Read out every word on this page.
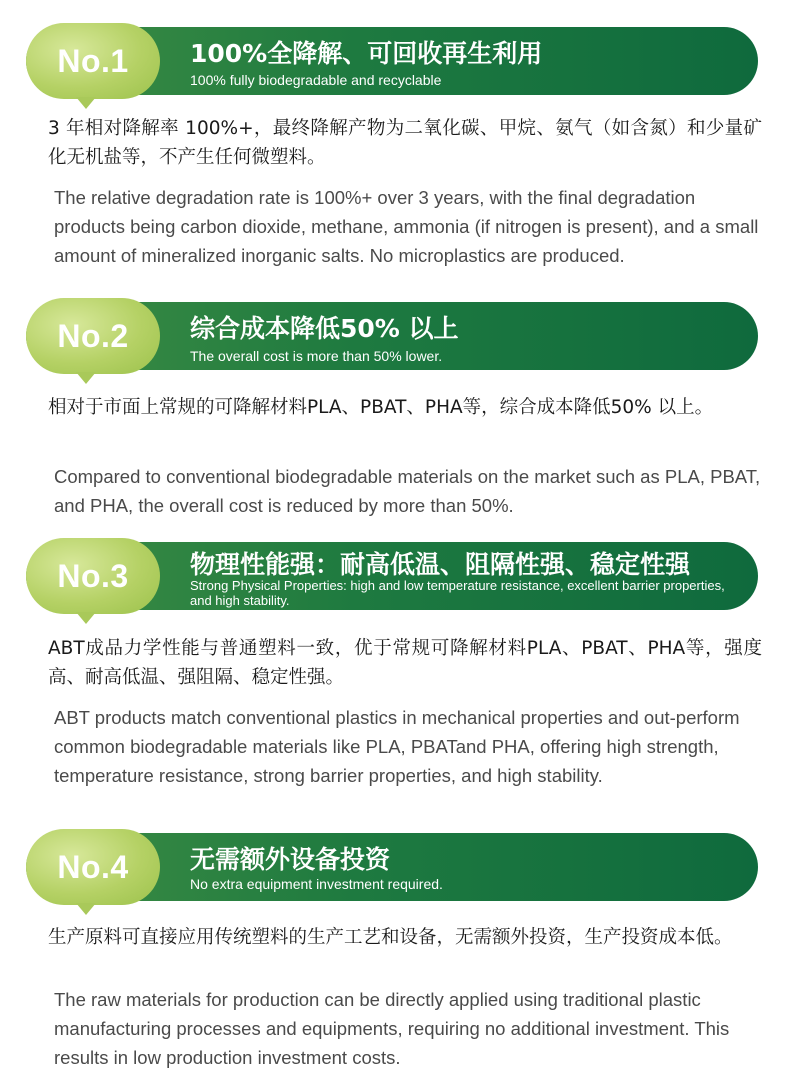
No.1	100%全降解、可回收再生利用
100% fully biodegradable and recyclable
3 年相对降解率 100%+，最终降解产物为二氧化碳、甲烷、氨气（如含氮）和少量矿化无机盐等，不产生任何微塑料。
The relative degradation rate is 100%+ over 3 years, with the final degradation products being carbon dioxide, methane, ammonia (if nitrogen is present), and a small amount of mineralized inorganic salts. No microplastics are produced.
No.2	综合成本降低50% 以上
The overall cost is more than 50% lower.
相对于市面上常规的可降解材料PLA、PBAT、PHA等，综合成本降低50% 以上。
Compared to conventional biodegradable materials on the market such as PLA, PBAT, and PHA, the overall cost is reduced by more than 50%.
No.3	物理性能强：耐高低温、阻隔性强、稳定性强
Strong Physical Properties: high and low temperature resistance, excellent barrier properties, and high stability.
ABT成品力学性能与普通塑料一致，优于常规可降解材料PLA、PBAT、PHA等，强度高、耐高低温、强阻隔、稳定性强。
ABT products match conventional plastics in mechanical properties and out-perform common biodegradable materials like PLA, PBATand PHA, offering high strength, temperature resistance, strong barrier properties, and high stability.
No.4	无需额外设备投资
No extra equipment investment required.
生产原料可直接应用传统塑料的生产工艺和设备，无需额外投资，生产投资成本低。
The raw materials for production can be directly applied using traditional plastic manufacturing processes and equipments, requiring no additional investment. This results in low production investment costs.
